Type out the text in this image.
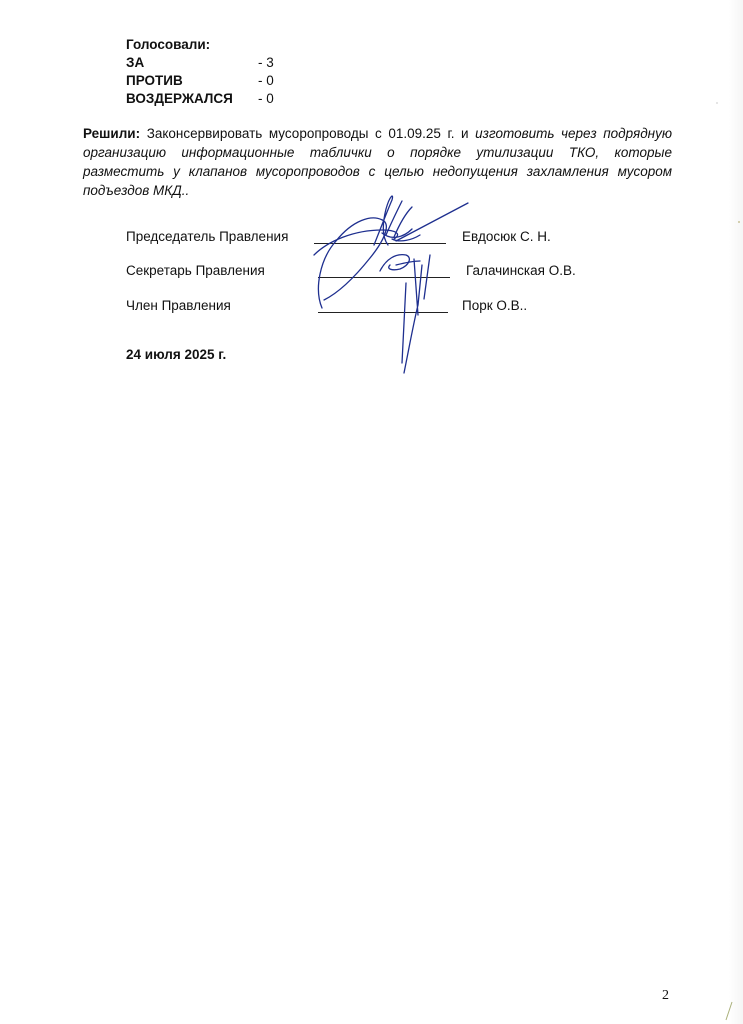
Голосовали:
ЗА	- 3
ПРОТИВ	- 0
ВОЗДЕРЖАЛСЯ - 0
Решили: Законсервировать мусоропроводы с 01.09.25 г. и изготовить через подрядную организацию информационные таблички о порядке утилизации ТКО, которые разместить у клапанов мусоропроводов с целью недопущения захламления мусором подъездов МКД..
Председатель Правления	Евдосюк С. Н.
Секретарь Правления	Галачинская О.В.
Член Правления	Порк О.В..
24 июля 2025 г.
2
